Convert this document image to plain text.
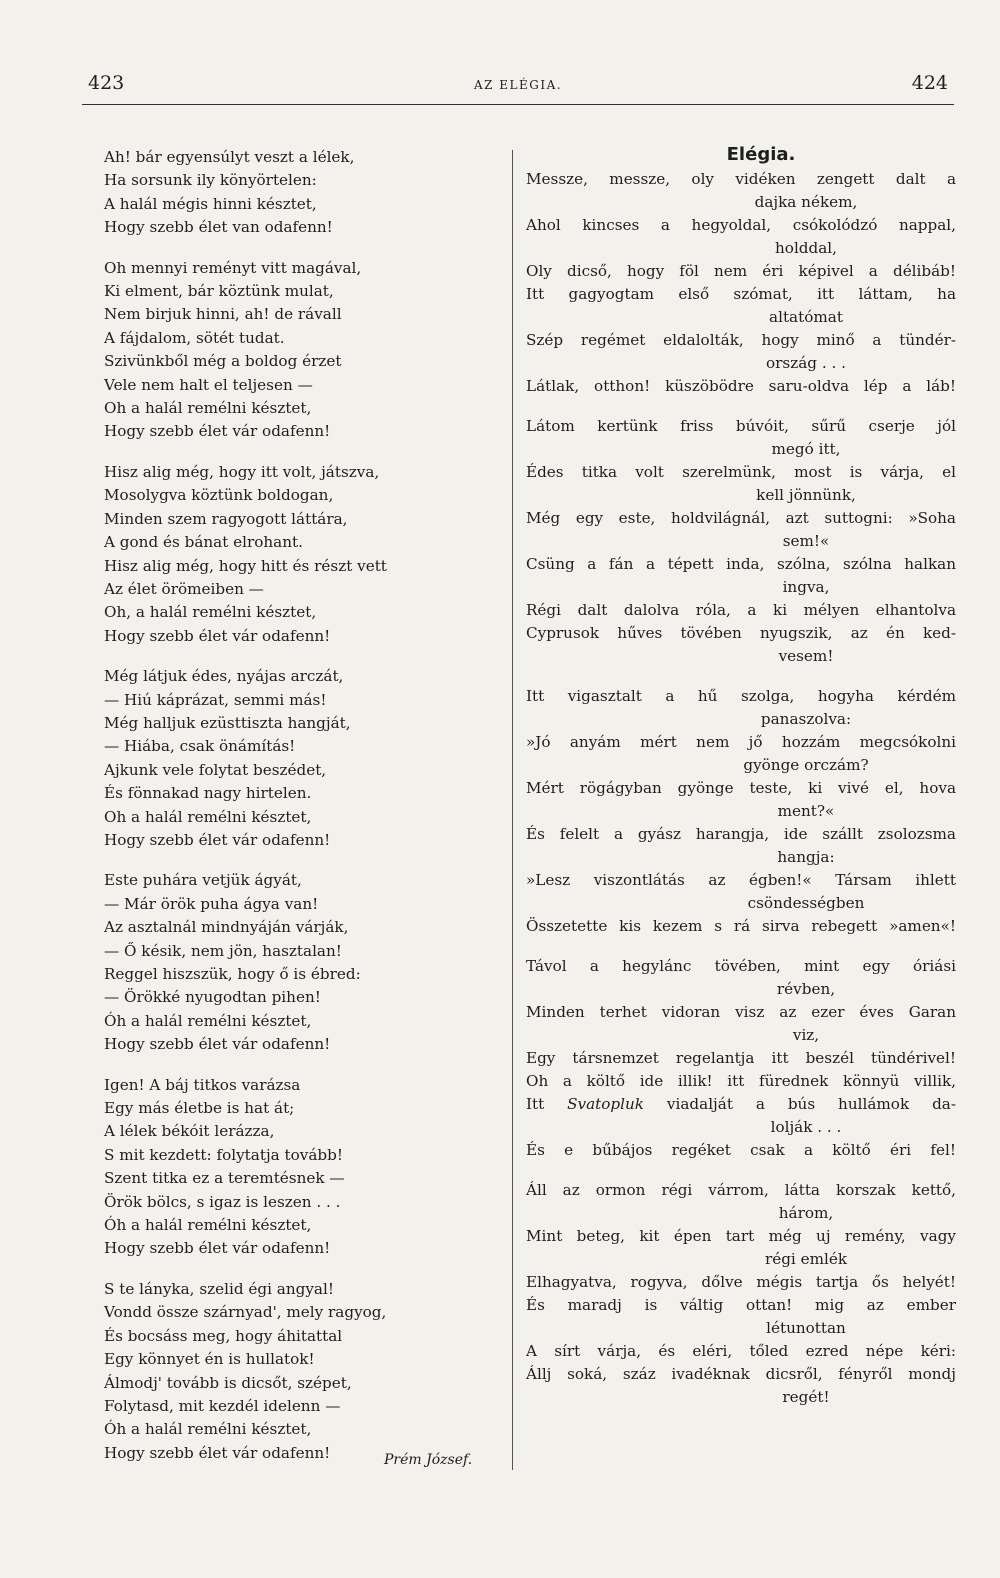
423	AZ ELÉGIA.	424
Ah! bár egyensúlyt veszt a lélek,
Ha sorsunk ily könyörtelen:
A halál mégis hinni késztet,
Hogy szebb élet van odafenn!
Oh mennyi reményt vitt magával,
Ki elment, bár köztünk mulat,
Nem birjuk hinni, ah! de rávall
A fájdalom, sötét tudat.
Szivünkből még a boldog érzet
Vele nem halt el teljesen —
Oh a halál remélni késztet,
Hogy szebb élet vár odafenn!
Hisz alig még, hogy itt volt, játszva,
Mosolygva köztünk boldogan,
Minden szem ragyogott láttára,
A gond és bánat elrohant.
Hisz alig még, hogy hitt és részt vett
Az élet örömeiben —
Oh, a halál remélni késztet,
Hogy szebb élet vár odafenn!
Még látjuk édes, nyájas arczát,
— Hiú káprázat, semmi más!
Még halljuk ezüsttiszta hangját,
— Hiába, csak önámítás!
Ajkunk vele folytat beszédet,
És fönnakad nagy hirtelen.
Oh a halál remélni késztet,
Hogy szebb élet vár odafenn!
Este puhára vetjük ágyát,
— Már örök puha ágya van!
Az asztalnál mindnyáján várják,
— Ő késik, nem jön, hasztalan!
Reggel hiszszük, hogy ő is ébred:
— Örökké nyugodtan pihen!
Óh a halál remélni késztet,
Hogy szebb élet vár odafenn!
Igen! A báj titkos varázsa
Egy más életbe is hat át;
A lélek békóit lerázza,
S mit kezdett: folytatja tovább!
Szent titka ez a teremtésnek —
Örök bölcs, s igaz is leszen . . .
Óh a halál remélni késztet,
Hogy szebb élet vár odafenn!
S te lányka, szelid égi angyal!
Vondd össze szárnyad', mely ragyog,
És bocsáss meg, hogy áhitattal
Egy könnyet én is hullatok!
Álmodj' tovább is dicsőt, szépet,
Folytasd, mit kezdél idelenn —
Óh a halál remélni késztet,
Hogy szebb élet vár odafenn!	Prém József.
Elégia.
Messze, messze, oly vidéken zengett dalt a
dajka nékem,
Ahol kincses a hegyoldal, csókolódzó nappal,
holddal,
Oly dicső, hogy föl nem éri képivel a délibáb!
Itt gagyogtam első szómat, itt láttam, ha
altatómat
Szép regémet eldalolták, hogy minő a tündér-
ország . . .
Látlak, otthon! küszöbödre saru-oldva lép a láb!
Látom kertünk friss búvóit, sűrű cserje jól
megó itt,
Édes titka volt szerelmünk, most is várja, el
kell jönnünk,
Még egy este, holdvilágnál, azt suttogni: »Soha
sem!«
Csüng a fán a tépett inda, szólna, szólna halkan
ingva,
Régi dalt dalolva róla, a ki mélyen elhantolva
Cyprusok hűves tövében nyugszik, az én ked-
vesem!
Itt vigasztalt a hű szolga, hogyha kérdém
panaszolva:
»Jó anyám mért nem jő hozzám megcsókolni
gyönge orczám?
Mért rögágyban gyönge teste, ki vivé el, hova
ment?«
És felelt a gyász harangja, ide szállt zsolozsma
hangja:
»Lesz viszontlátás az égben!« Társam ihlett
csöndességben
Összetette kis kezem s rá sirva rebegett »amen«!
Távol a hegylánc tövében, mint egy óriási
révben,
Minden terhet vidoran visz az ezer éves Garan
viz,
Egy társnemzet regelantja itt beszél tündérivel!
Oh a költő ide illik! itt fürednek könnyü villik,
Itt Svatopluk viadalját a bús hullámok da-
lolják . . .
És e bűbájos regéket csak a költő éri fel!
Áll az ormon régi várrom, látta korszak kettő,
három,
Mint beteg, kit épen tart még uj remény, vagy
régi emlék
Elhagyatva, rogyva, dőlve mégis tartja ős helyét!
És maradj is váltig ottan! mig az ember
létunottan
A sírt várja, és eléri, tőled ezred népe kéri:
Állj soká, száz ivadéknak dicsről, fényről mondj
regét!
